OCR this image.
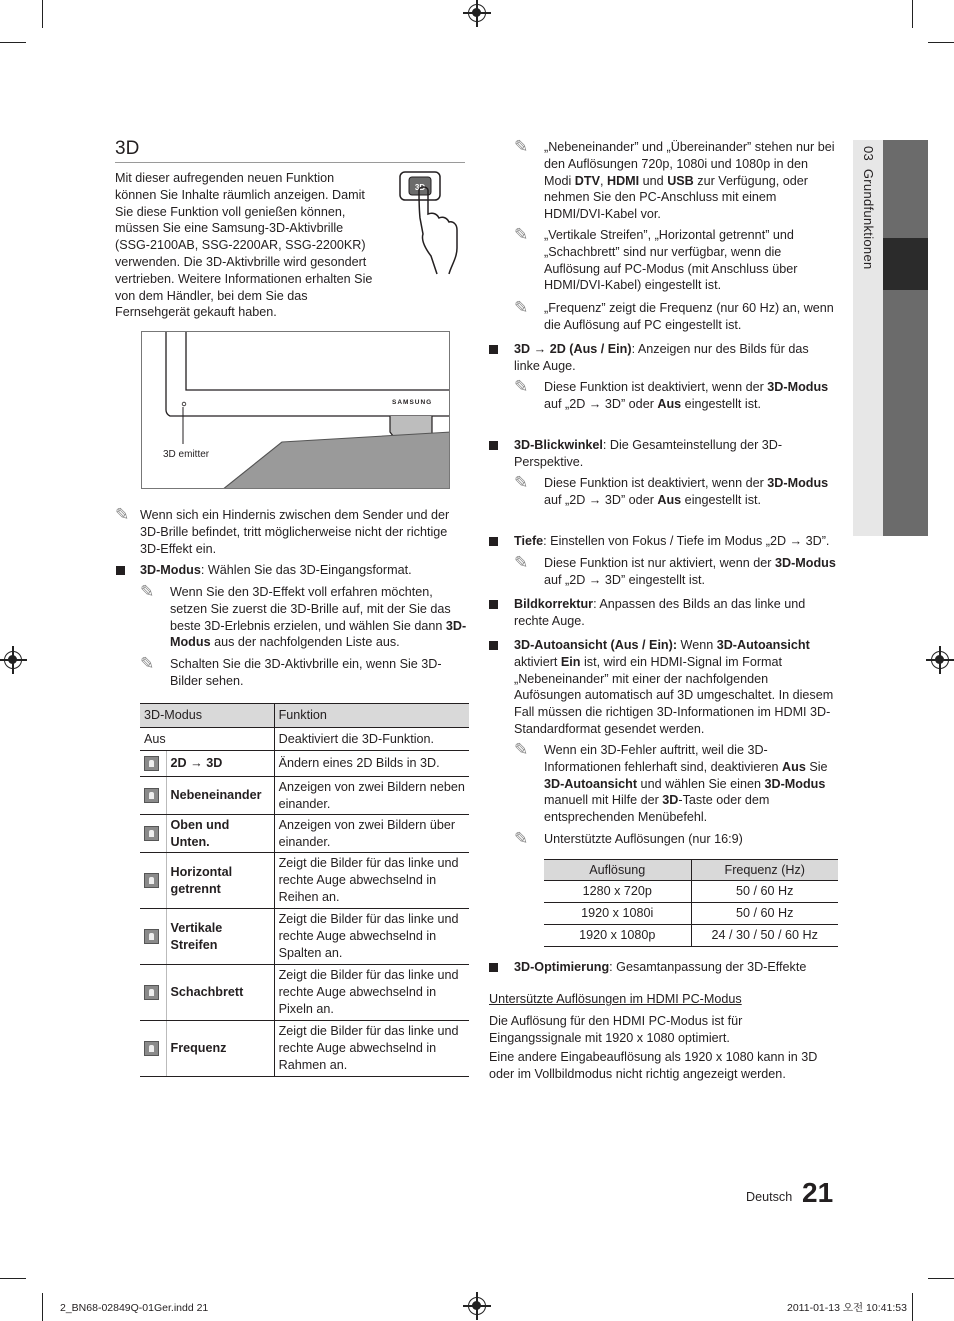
3D
Mit dieser aufregenden neuen Funktion können Sie Inhalte räumlich anzeigen. Damit Sie diese Funktion voll genießen können, müssen Sie eine Samsung-3D-Aktivbrille (SSG-2100AB, SSG-2200AR, SSG-2200KR) verwenden. Die 3D-Aktivbrille wird gesondert vertrieben. Weitere Informationen erhalten Sie von dem Händler, bei dem Sie das Fernsehgerät gekauft haben.
3D
SAMSUNG
3D emitter
✎ Wenn sich ein Hindernis zwischen dem Sender und der 3D-Brille befindet, tritt möglicherweise nicht der richtige 3D-Effekt ein.
3D-Modus: Wählen Sie das 3D-Eingangsformat.
✎ Wenn Sie den 3D-Effekt voll erfahren möchten, setzen Sie zuerst die 3D-Brille auf, mit der Sie das beste 3D-Erlebnis erzielen, und wählen Sie dann 3D-Modus aus der nachfolgenden Liste aus.
✎ Schalten Sie die 3D-Aktivbrille ein, wenn Sie 3D-Bilder sehen.
3D-Modus		Funktion
Aus		Deaktiviert die 3D-Funktion.
	2D → 3D	Ändern eines 2D Bilds in 3D.
	Nebeneinander	Anzeigen von zwei Bildern neben einander.
	Oben und Unten.	Anzeigen von zwei Bildern über einander.
	Horizontal getrennt	Zeigt die Bilder für das linke und rechte Auge abwechselnd in Reihen an.
	Vertikale Streifen	Zeigt die Bilder für das linke und rechte Auge abwechselnd in Spalten an.
	Schachbrett	Zeigt die Bilder für das linke und rechte Auge abwechselnd in Pixeln an.
	Frequenz	Zeigt die Bilder für das linke und rechte Auge abwechselnd in Rahmen an.
✎ „Nebeneinander” und „Übereinander” stehen nur bei den Auflösungen 720p, 1080i und 1080p in den Modi DTV, HDMI und USB zur Verfügung, oder nehmen Sie den PC-Anschluss mit einem HDMI/DVI-Kabel vor.
✎ „Vertikale Streifen”, „Horizontal getrennt” und „Schachbrett” sind nur verfügbar, wenn die Auflösung auf PC-Modus (mit Anschluss über HDMI/DVI-Kabel) eingestellt ist.
✎ „Frequenz” zeigt die Frequenz (nur 60 Hz) an, wenn die Auflösung auf PC eingestellt ist.
3D → 2D (Aus / Ein): Anzeigen nur des Bilds für das linke Auge.
✎ Diese Funktion ist deaktiviert, wenn der 3D-Modus auf „2D → 3D” oder Aus eingestellt ist.
3D-Blickwinkel: Die Gesamteinstellung der 3D-Perspektive.
✎ Diese Funktion ist deaktiviert, wenn der 3D-Modus auf „2D → 3D” oder Aus eingestellt ist.
Tiefe: Einstellen von Fokus / Tiefe im Modus „2D → 3D”.
✎ Diese Funktion ist nur aktiviert, wenn der 3D-Modus auf „2D → 3D” eingestellt ist.
Bildkorrektur: Anpassen des Bilds an das linke und rechte Auge.
3D-Autoansicht (Aus / Ein): Wenn 3D-Autoansicht aktiviert Ein ist, wird ein HDMI-Signal im Format „Nebeneinander” mit einer der nachfolgenden Aufösungen automatisch auf 3D umgeschaltet. In diesem Fall müssen die richtigen 3D-Informationen im HDMI 3D-Standardformat gesendet werden.
✎ Wenn ein 3D-Fehler auftritt, weil die 3D-Informationen fehlerhaft sind, deaktivieren Aus Sie 3D-Autoansicht und wählen Sie einen 3D-Modus manuell mit Hilfe der 3D-Taste oder dem entsprechenden Menübefehl.
✎ Unterstützte Auflösungen (nur 16:9)
Auflösung	Frequenz (Hz)
1280 x 720p	50 / 60 Hz
1920 x 1080i	50 / 60 Hz
1920 x 1080p	24 / 30 / 50 / 60 Hz
3D-Optimierung: Gesamtanpassung der 3D-Effekte
Untersützte Auflösungen im HDMI PC-Modus
Die Auflösung für den HDMI PC-Modus ist für Eingangssignale mit 1920 x 1080 optimiert.
Eine andere Eingabeauflösung als 1920 x 1080 kann in 3D oder im Vollbildmodus nicht richtig angezeigt werden.
03  Grundfunktionen
Deutsch 21
2_BN68-02849Q-01Ger.indd 21	2011-01-13 오전 10:41:53
